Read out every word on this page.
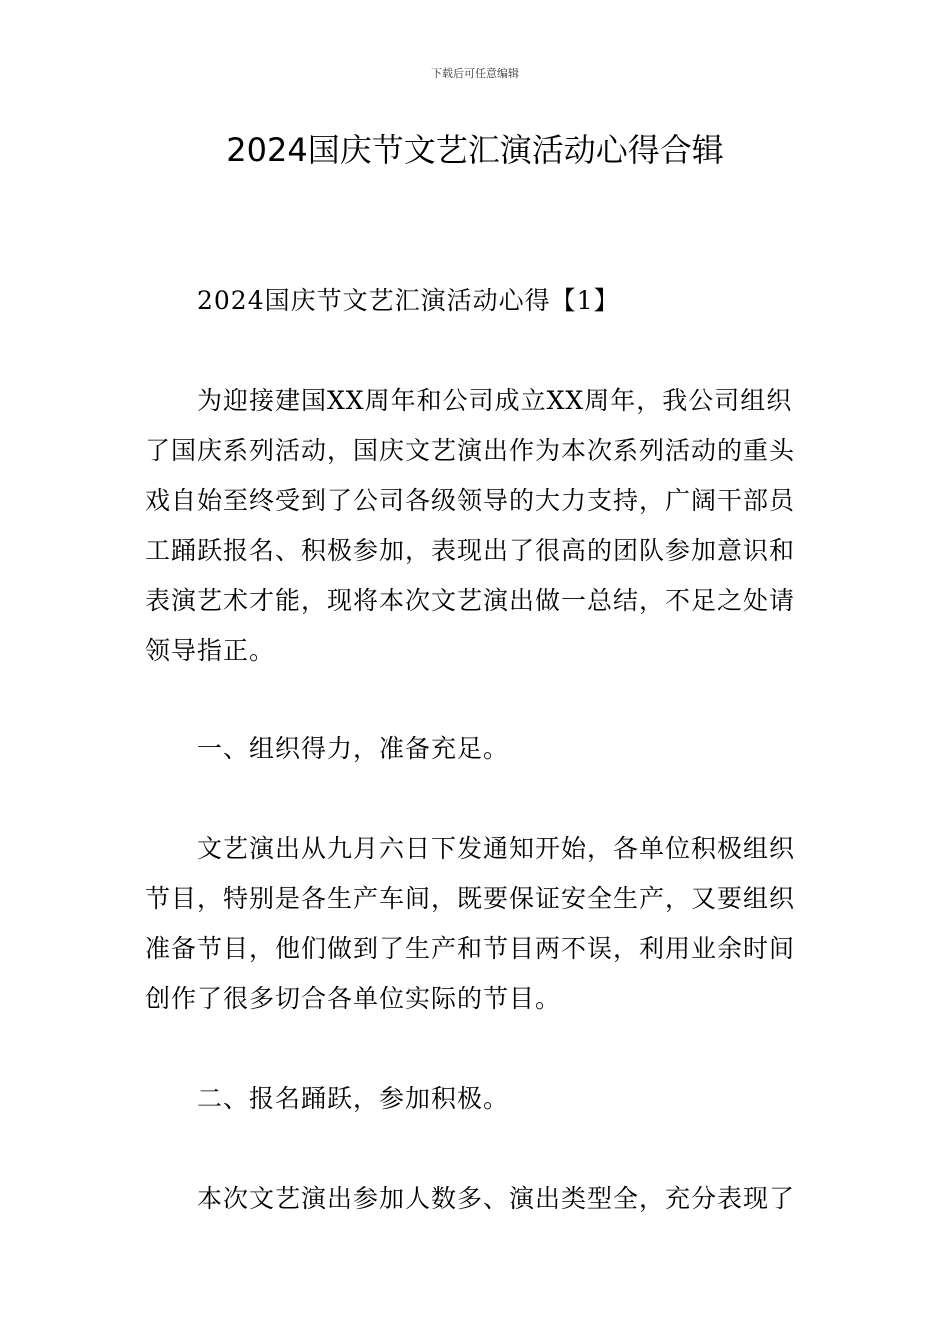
下载后可任意编辑
2024国庆节文艺汇演活动心得合辑

2024国庆节文艺汇演活动心得【1】

为迎接建国XX周年和公司成立XX周年，我公司组织了国庆系列活动，国庆文艺演出作为本次系列活动的重头戏自始至终受到了公司各级领导的大力支持，广阔干部员工踊跃报名、积极参加，表现出了很高的团队参加意识和表演艺术才能，现将本次文艺演出做一总结，不足之处请领导指正。

一、组织得力，准备充足。

文艺演出从九月六日下发通知开始，各单位积极组织节目，特别是各生产车间，既要保证安全生产，又要组织准备节目，他们做到了生产和节目两不误，利用业余时间创作了很多切合各单位实际的节目。

二、报名踊跃，参加积极。

本次文艺演出参加人数多、演出类型全，充分表现了
